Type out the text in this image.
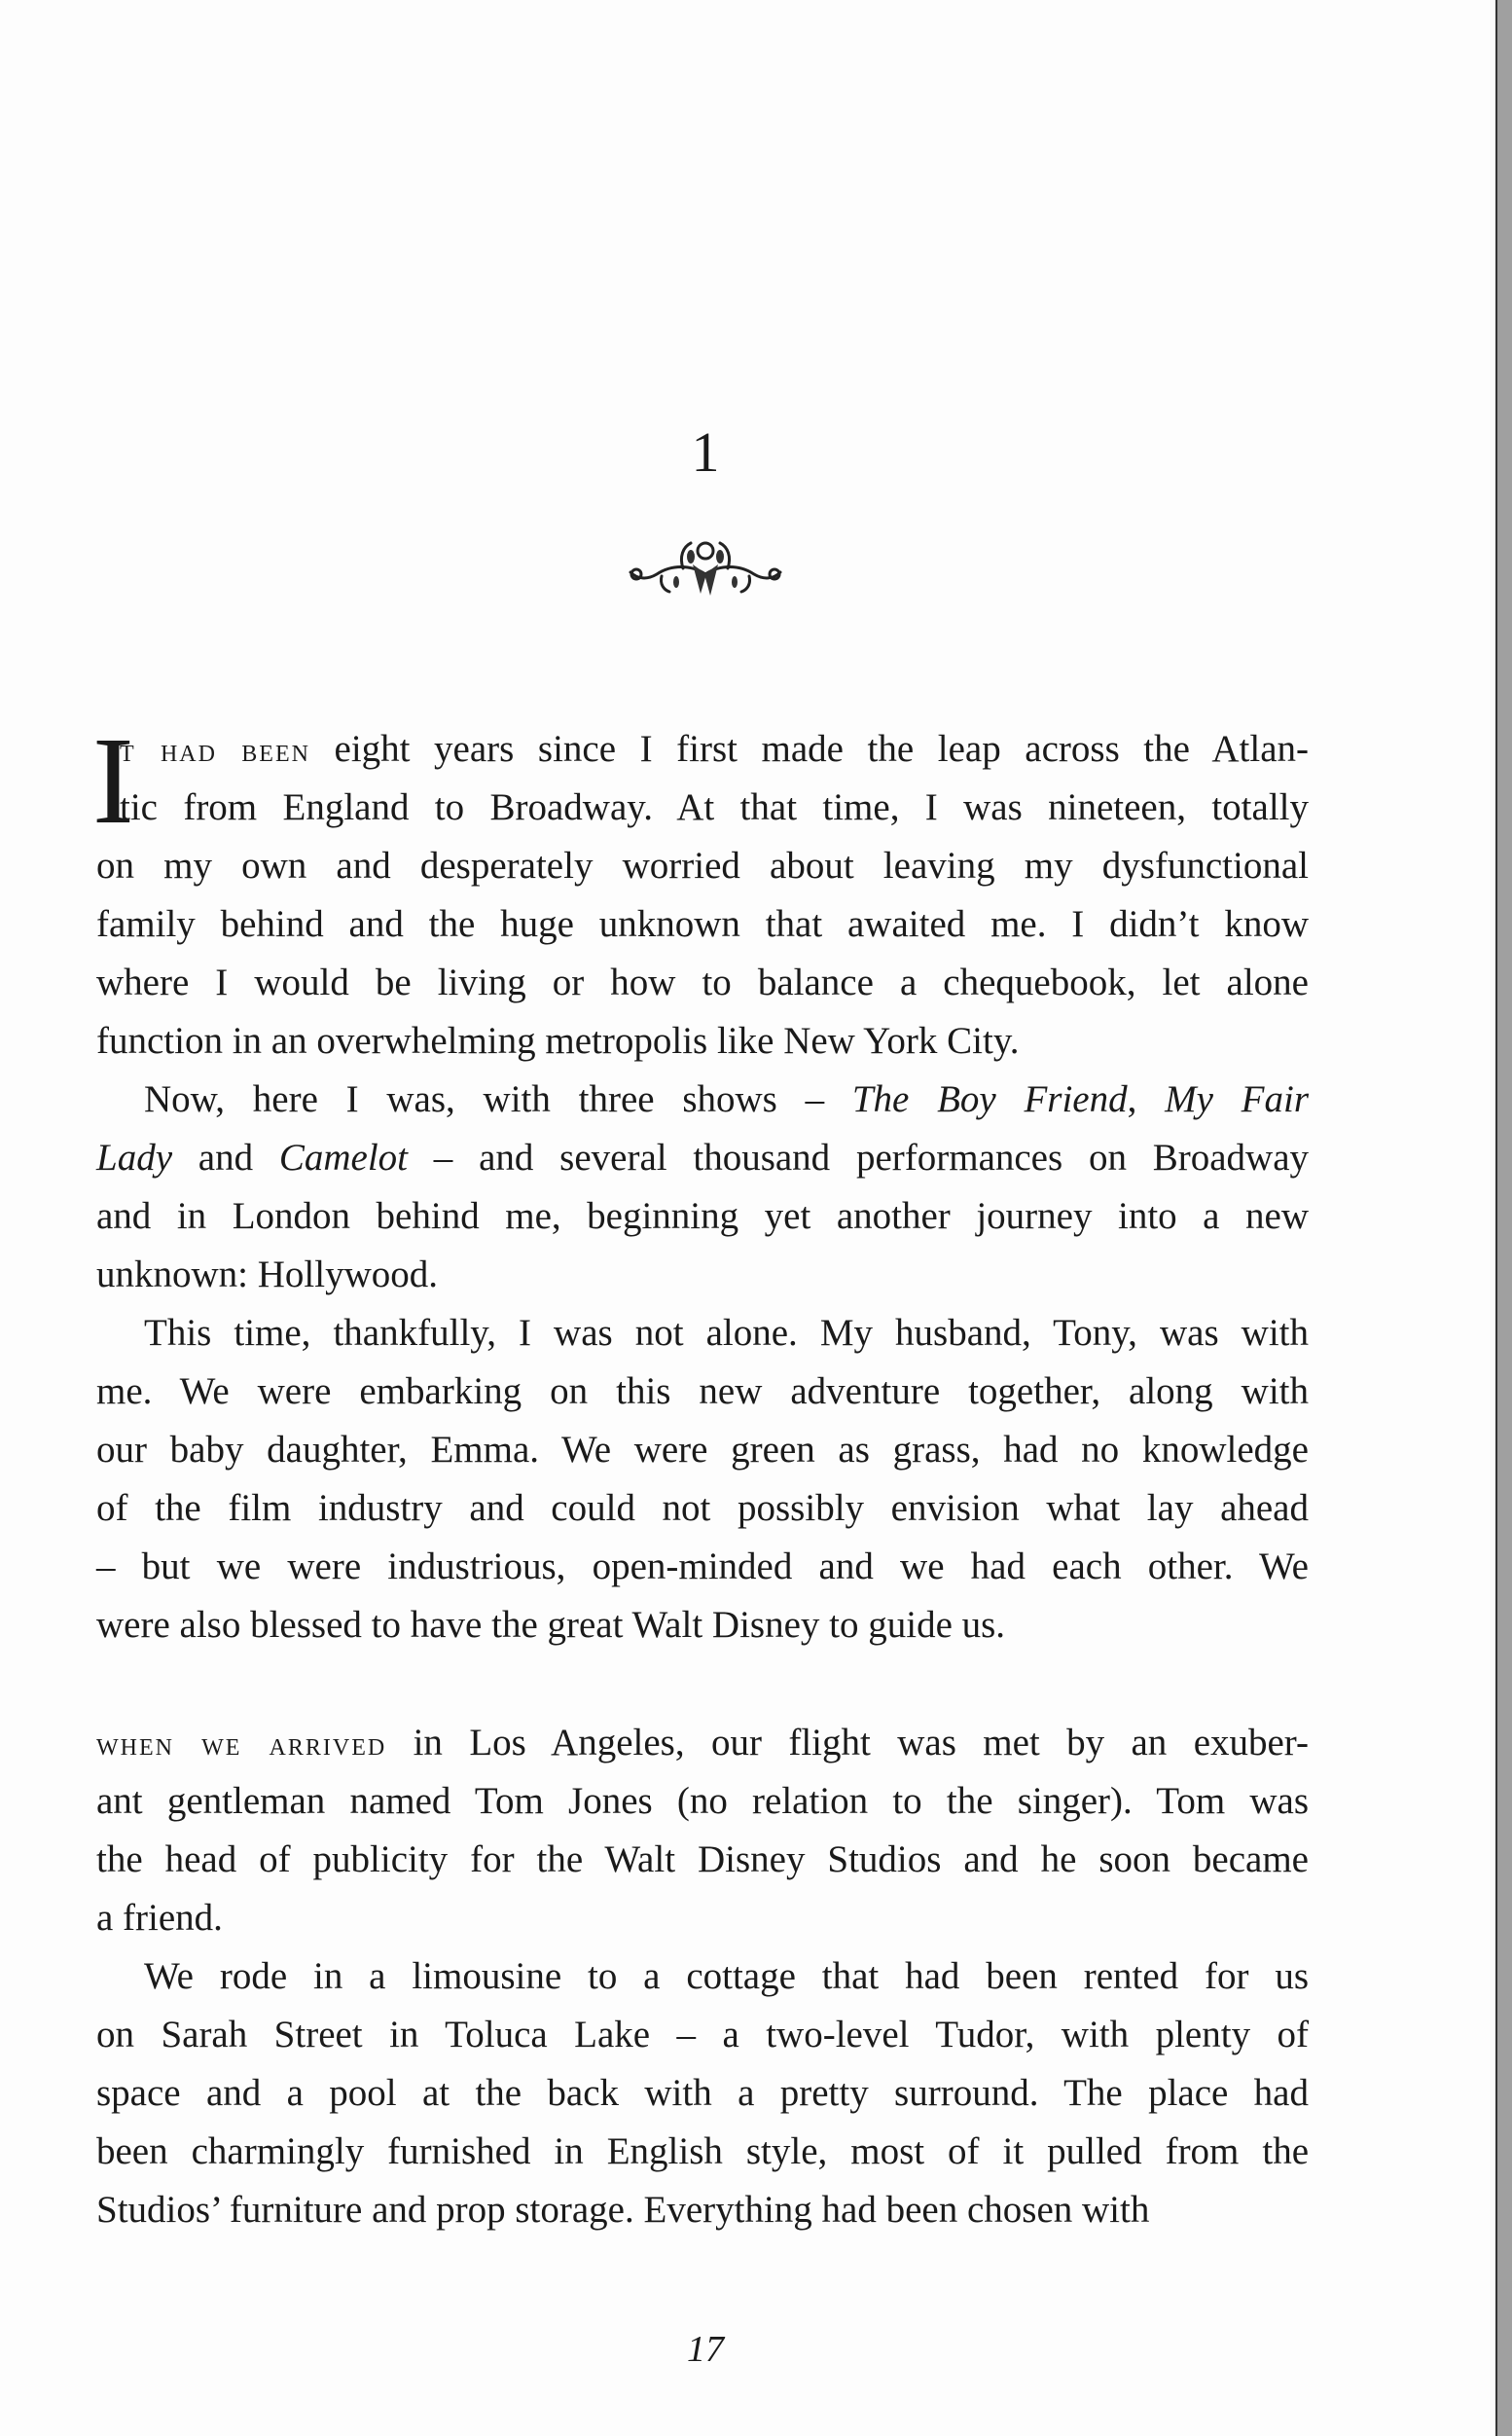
1
I
t had been eight years since I first made the leap across the Atlan-
tic from England to Broadway. At that time, I was nineteen, totally
on my own and desperately worried about leaving my dysfunctional
family behind and the huge unknown that awaited me. I didn’t know
where I would be living or how to balance a chequebook, let alone
function in an overwhelming metropolis like New York City.
Now, here I was, with three shows – The Boy Friend, My Fair
Lady and Camelot – and several thousand performances on Broadway
and in London behind me, beginning yet another journey into a new
unknown: Hollywood.
This time, thankfully, I was not alone. My husband, Tony, was with
me. We were embarking on this new adventure together, along with
our baby daughter, Emma. We were green as grass, had no knowledge
of the film industry and could not possibly envision what lay ahead
– but we were industrious, open-minded and we had each other. We
were also blessed to have the great Walt Disney to guide us.
when we arrived in Los Angeles, our flight was met by an exuber-
ant gentleman named Tom Jones (no relation to the singer). Tom was
the head of publicity for the Walt Disney Studios and he soon became
a friend.
We rode in a limousine to a cottage that had been rented for us
on Sarah Street in Toluca Lake – a two-level Tudor, with plenty of
space and a pool at the back with a pretty surround. The place had
been charmingly furnished in English style, most of it pulled from the
Studios’ furniture and prop storage. Everything had been chosen with
17
